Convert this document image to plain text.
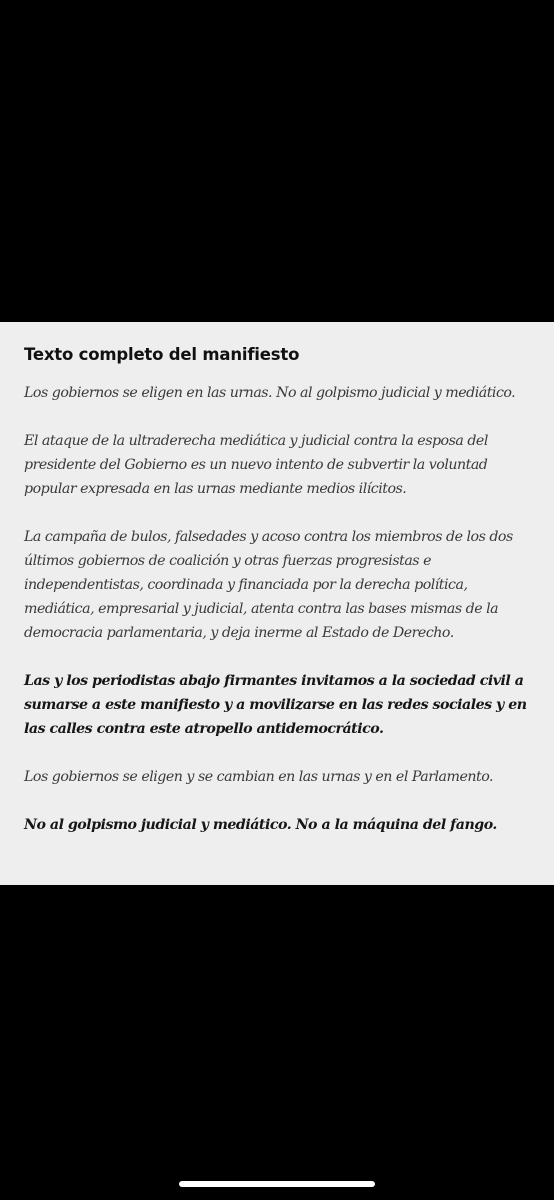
Texto completo del manifiesto

Los gobiernos se eligen en las urnas. No al golpismo judicial y mediático.

El ataque de la ultraderecha mediática y judicial contra la esposa del
presidente del Gobierno es un nuevo intento de subvertir la voluntad
popular expresada en las urnas mediante medios ilícitos.

La campaña de bulos, falsedades y acoso contra los miembros de los dos
últimos gobiernos de coalición y otras fuerzas progresistas e
independentistas, coordinada y financiada por la derecha política,
mediática, empresarial y judicial, atenta contra las bases mismas de la
democracia parlamentaria, y deja inerme al Estado de Derecho.

Las y los periodistas abajo firmantes invitamos a la sociedad civil a
sumarse a este manifiesto y a movilizarse en las redes sociales y en
las calles contra este atropello antidemocrático.

Los gobiernos se eligen y se cambian en las urnas y en el Parlamento.

No al golpismo judicial y mediático. No a la máquina del fango.
